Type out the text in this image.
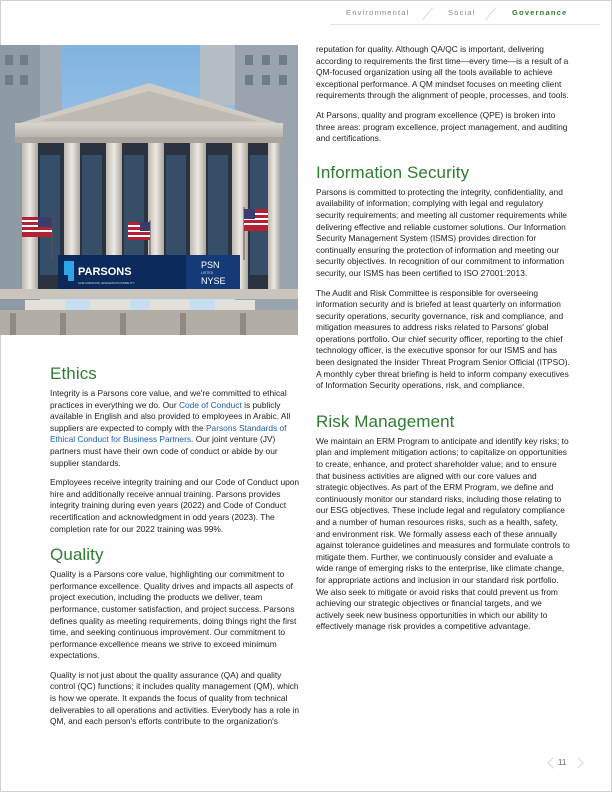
Environmental	Social	Governance
PARSONS
ONE PARSONS, ENDLESS POSSIBILITY
PSN
LISTED
NYSE
Ethics

Integrity is a Parsons core value, and we're committed to ethical practices in everything we do. Our Code of Conduct is publicly available in English and also provided to employees in Arabic. All suppliers are expected to comply with the Parsons Standards of Ethical Conduct for Business Partners. Our joint venture (JV) partners must have their own code of conduct or abide by our supplier standards.

Employees receive integrity training and our Code of Conduct upon hire and additionally receive annual training. Parsons provides integrity training during even years (2022) and Code of Conduct recertification and acknowledgment in odd years (2023). The completion rate for our 2022 training was 99%.

Quality

Quality is a Parsons core value, highlighting our commitment to performance excellence. Quality drives and impacts all aspects of project execution, including the products we deliver, team performance, customer satisfaction, and project success. Parsons defines quality as meeting requirements, doing things right the first time, and seeking continuous improvement. Our commitment to performance excellence means we strive to exceed minimum expectations.

Quality is not just about the quality assurance (QA) and quality control (QC) functions; it includes quality management (QM), which is how we operate. It expands the focus of quality from technical deliverables to all operations and activities. Everybody has a role in QM, and each person's efforts contribute to the organization's

reputation for quality. Although QA/QC is important, delivering according to requirements the first time—every time—is a result of a QM-focused organization using all the tools available to achieve exceptional performance. A QM mindset focuses on meeting client requirements through the alignment of people, processes, and tools.

At Parsons, quality and program excellence (QPE) is broken into three areas: program excellence, project management, and auditing and certifications.

Information Security

Parsons is committed to protecting the integrity, confidentiality, and availability of information; complying with legal and regulatory security requirements; and meeting all customer requirements while delivering effective and reliable customer solutions. Our Information Security Management System (ISMS) provides direction for continually ensuring the protection of information and meeting our security objectives. In recognition of our commitment to information security, our ISMS has been certified to ISO 27001:2013.

The Audit and Risk Committee is responsible for overseeing information security and is briefed at least quarterly on information security operations, security governance, risk and compliance, and mitigation measures to address risks related to Parsons' global operations portfolio. Our chief security officer, reporting to the chief technology officer, is the executive sponsor for our ISMS and has been designated the Insider Threat Program Senior Official (ITPSO). A monthly cyber threat briefing is held to inform company executives of Information Security operations, risk, and compliance.

Risk Management

We maintain an ERM Program to anticipate and identify key risks; to plan and implement mitigation actions; to capitalize on opportunities to create, enhance, and protect shareholder value; and to ensure that business activities are aligned with our core values and strategic objectives. As part of the ERM Program, we define and continuously monitor our standard risks, including those relating to our ESG objectives. These include legal and regulatory compliance and a number of human resources risks, such as a health, safety, and environment risk. We formally assess each of these annually against tolerance guidelines and measures and formulate controls to mitigate them. Further, we continuously consider and evaluate a wide range of emerging risks to the enterprise, like climate change, for appropriate actions and inclusion in our standard risk portfolio. We also seek to mitigate or avoid risks that could prevent us from achieving our strategic objectives or financial targets, and we actively seek new business opportunities in which our ability to effectively manage risk provides a competitive advantage.

11
